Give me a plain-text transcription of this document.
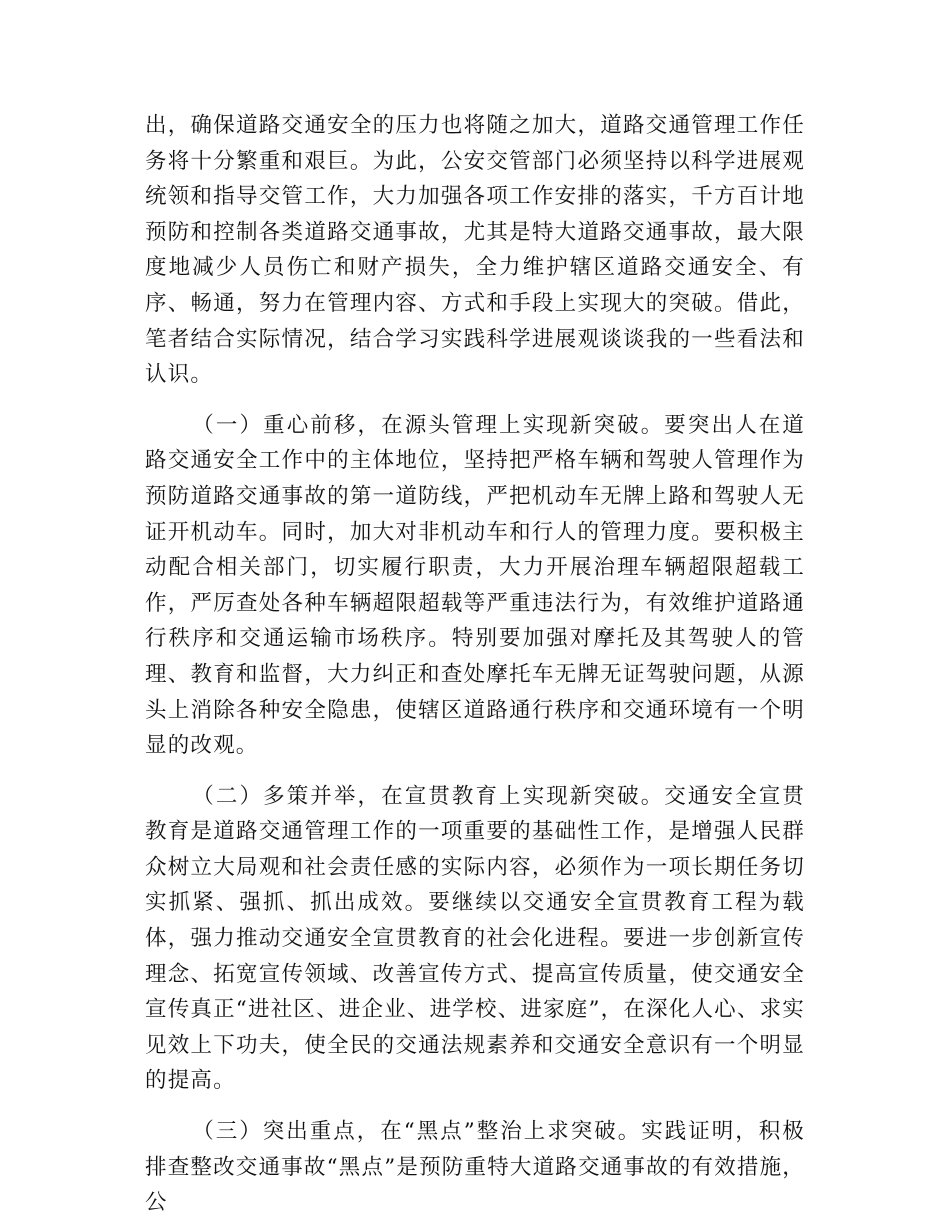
出，确保道路交通安全的压力也将随之加大，道路交通管理工作任务将十分繁重和艰巨。为此，公安交管部门必须坚持以科学进展观统领和指导交管工作，大力加强各项工作安排的落实，千方百计地预防和控制各类道路交通事故，尤其是特大道路交通事故，最大限度地减少人员伤亡和财产损失，全力维护辖区道路交通安全、有序、畅通，努力在管理内容、方式和手段上实现大的突破。借此，笔者结合实际情况，结合学习实践科学进展观谈谈我的一些看法和认识。

（一）重心前移，在源头管理上实现新突破。要突出人在道路交通安全工作中的主体地位，坚持把严格车辆和驾驶人管理作为预防道路交通事故的第一道防线，严把机动车无牌上路和驾驶人无证开机动车。同时，加大对非机动车和行人的管理力度。要积极主动配合相关部门，切实履行职责，大力开展治理车辆超限超载工作，严厉查处各种车辆超限超载等严重违法行为，有效维护道路通行秩序和交通运输市场秩序。特别要加强对摩托及其驾驶人的管理、教育和监督，大力纠正和查处摩托车无牌无证驾驶问题，从源头上消除各种安全隐患，使辖区道路通行秩序和交通环境有一个明显的改观。

（二）多策并举，在宣贯教育上实现新突破。交通安全宣贯教育是道路交通管理工作的一项重要的基础性工作，是增强人民群众树立大局观和社会责任感的实际内容，必须作为一项长期任务切实抓紧、强抓、抓出成效。要继续以交通安全宣贯教育工程为载体，强力推动交通安全宣贯教育的社会化进程。要进一步创新宣传理念、拓宽宣传领域、改善宣传方式、提高宣传质量，使交通安全宣传真正“进社区、进企业、进学校、进家庭”，在深化人心、求实见效上下功夫，使全民的交通法规素养和交通安全意识有一个明显的提高。

（三）突出重点，在“黑点”整治上求突破。实践证明，积极排查整改交通事故“黑点”是预防重特大道路交通事故的有效措施，公
